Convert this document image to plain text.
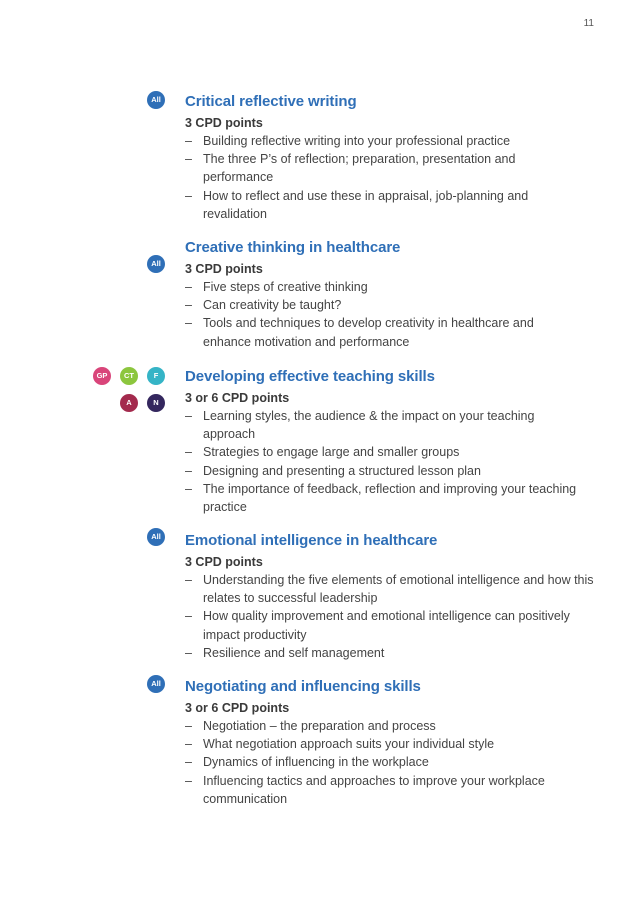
11
All Critical reflective writing
3 CPD points
– Building reflective writing into your professional practice
– The three P’s of reflection; preparation, presentation and performance
– How to reflect and use these in appraisal, job-planning and revalidation
All
Creative thinking in healthcare
3 CPD points
– Five steps of creative thinking
– Can creativity be taught?
– Tools and techniques to develop creativity in healthcare and enhance motivation and performance
GP	CT	F
A	N
Developing effective teaching skills
3 or 6 CPD points
– Learning styles, the audience & the impact on your teaching approach
– Strategies to engage large and smaller groups
– Designing and presenting a structured lesson plan
– The importance of feedback, reflection and improving your teaching practice
All Emotional intelligence in healthcare
3 CPD points
– Understanding the five elements of emotional intelligence and how this relates to successful leadership
– How quality improvement and emotional intelligence can positively impact productivity
– Resilience and self management
All Negotiating and influencing skills
3 or 6 CPD points
– Negotiation – the preparation and process
– What negotiation approach suits your individual style
– Dynamics of influencing in the workplace
– Influencing tactics and approaches to improve your workplace communication
